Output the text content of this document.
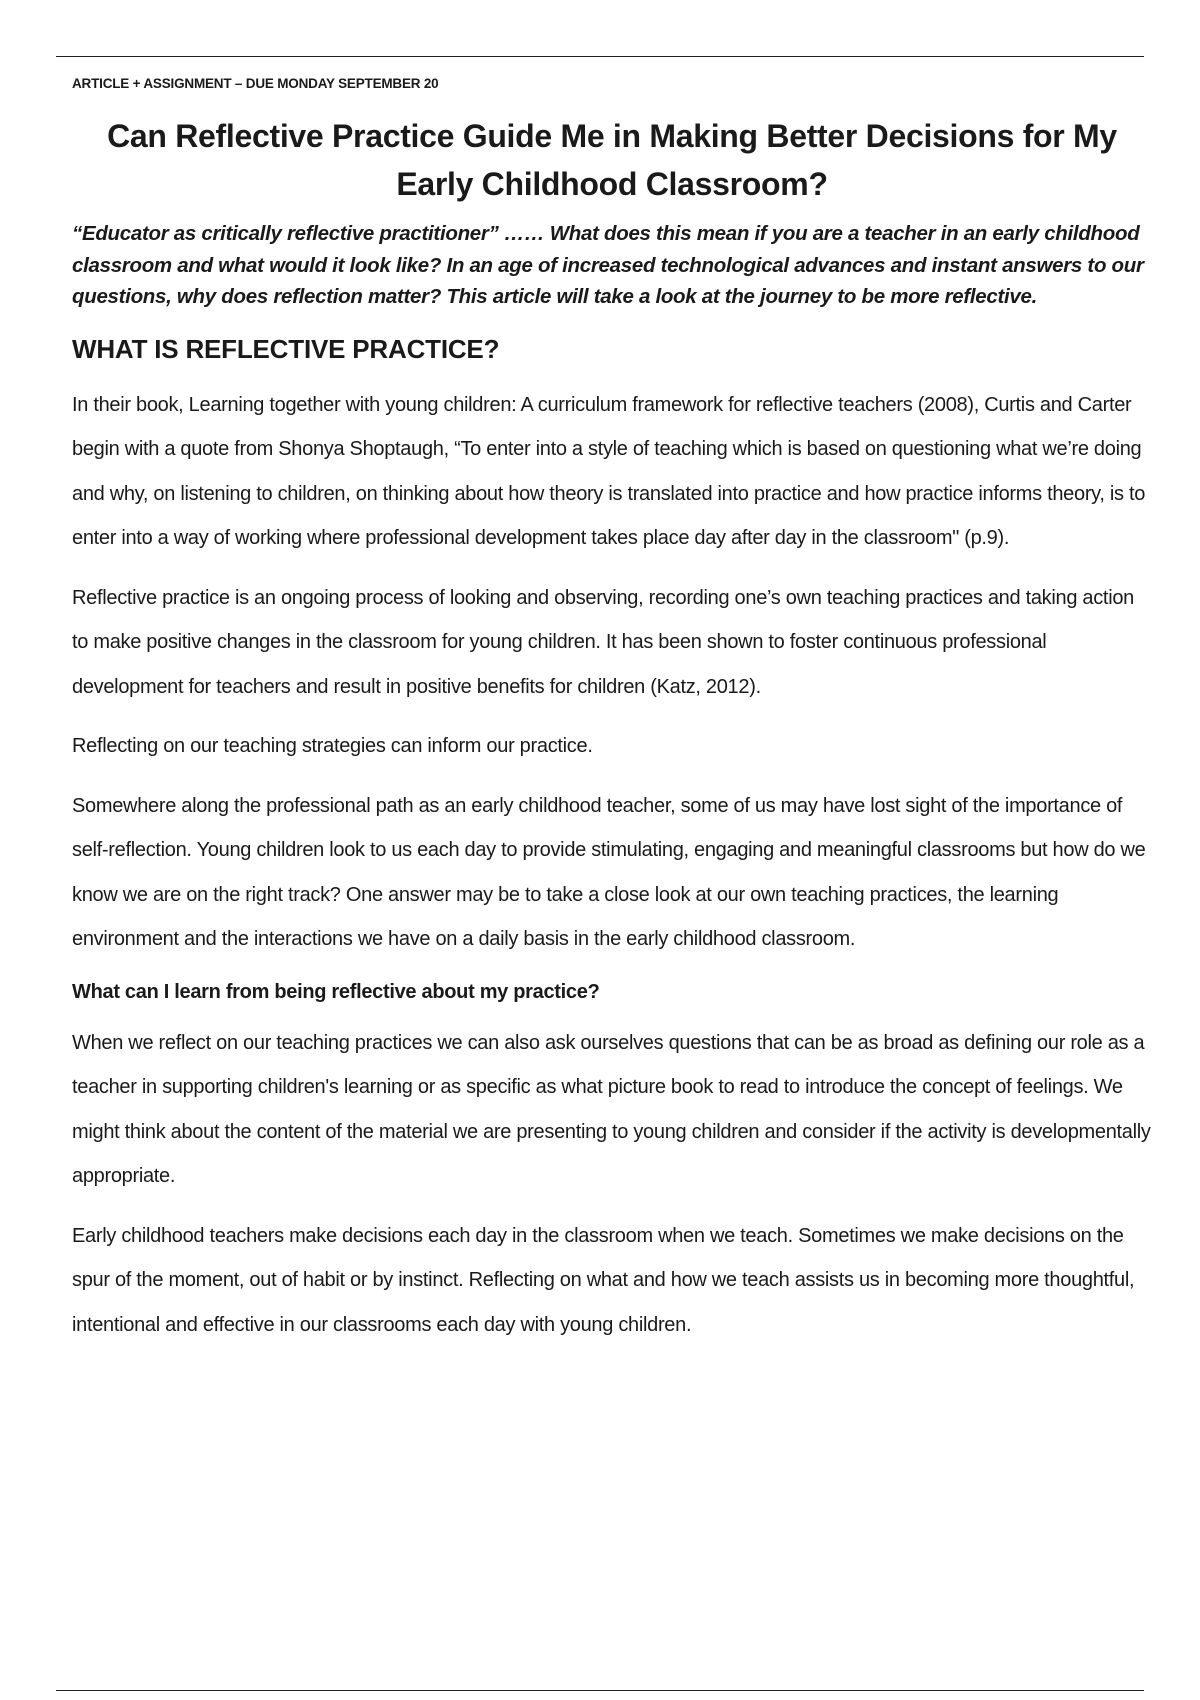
ARTICLE + ASSIGNMENT – DUE MONDAY SEPTEMBER 20

Can Reflective Practice Guide Me in Making Better Decisions for My Early Childhood Classroom?

“Educator as critically reflective practitioner” …… What does this mean if you are a teacher in an early childhood classroom and what would it look like? In an age of increased technological advances and instant answers to our questions, why does reflection matter? This article will take a look at the journey to be more reflective.

WHAT IS REFLECTIVE PRACTICE?

In their book, Learning together with young children: A curriculum framework for reflective teachers (2008), Curtis and Carter begin with a quote from Shonya Shoptaugh, “To enter into a style of teaching which is based on questioning what we’re doing and why, on listening to children, on thinking about how theory is translated into practice and how practice informs theory, is to enter into a way of working where professional development takes place day after day in the classroom" (p.9).

Reflective practice is an ongoing process of looking and observing, recording one’s own teaching practices and taking action to make positive changes in the classroom for young children. It has been shown to foster continuous professional development for teachers and result in positive benefits for children (Katz, 2012).

Reflecting on our teaching strategies can inform our practice.

Somewhere along the professional path as an early childhood teacher, some of us may have lost sight of the importance of self-reflection. Young children look to us each day to provide stimulating, engaging and meaningful classrooms but how do we know we are on the right track? One answer may be to take a close look at our own teaching practices, the learning environment and the interactions we have on a daily basis in the early childhood classroom.

What can I learn from being reflective about my practice?

When we reflect on our teaching practices we can also ask ourselves questions that can be as broad as defining our role as a teacher in supporting children's learning or as specific as what picture book to read to introduce the concept of feelings. We might think about the content of the material we are presenting to young children and consider if the activity is developmentally appropriate.

Early childhood teachers make decisions each day in the classroom when we teach. Sometimes we make decisions on the spur of the moment, out of habit or by instinct. Reflecting on what and how we teach assists us in becoming more thoughtful, intentional and effective in our classrooms each day with young children.
